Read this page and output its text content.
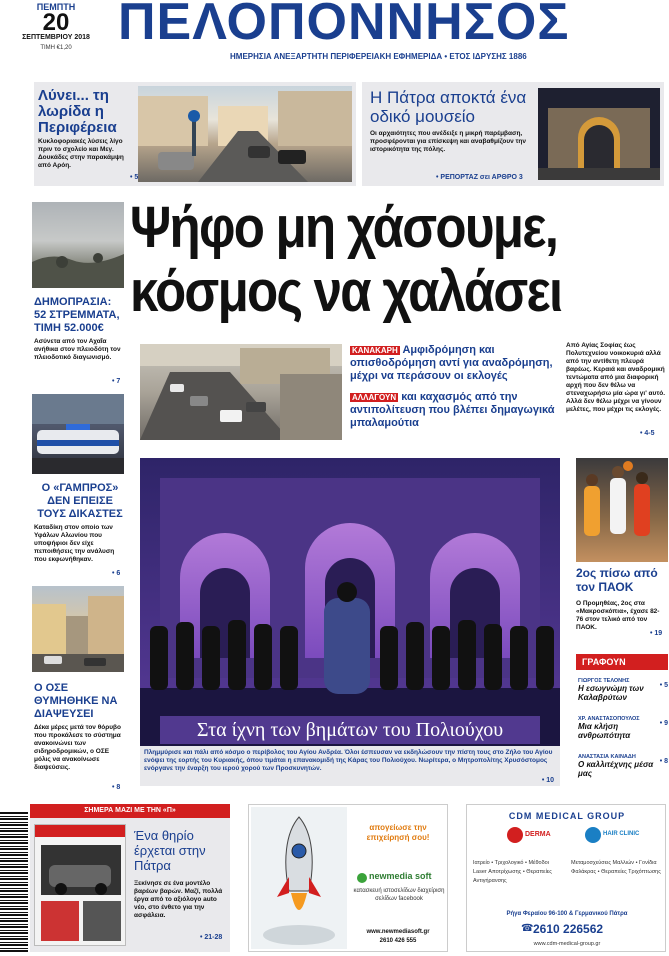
ΠΕΜΠΤΗ
20
ΣΕΠΤΕΜΒΡΙΟΥ 2018
ΤΙΜΗ €1,20 ΠΕΛΟΠΟΝΝΗΣΟΣ
ΗΜΕΡΗΣΙΑ ΑΝΕΞΑΡΤΗΤΗ ΠΕΡΙΦΕΡΕΙΑΚΗ ΕΦΗΜΕΡΙΔΑ • ΕΤΟΣ ΙΔΡΥΣΗΣ 1886
Λύνει... τη λωρίδα η Περιφέρεια
Κυκλοφοριακές λύσεις λίγο πριν το σχολείο και Μεγ. Δουκάδες στην παρακάμψη από Αρόη.
• 5
Η Πάτρα αποκτά ένα οδικό μουσείο
Οι αρχαιότητες που ανέδειξε η μικρή παρέμβαση, προσφέρονται για επίσκεψη και αναβαθμίζουν την ιστορικότητα της πόλης.
• ΡΕΠΟΡΤΑΖ σει ΑΡΘΡΟ 3
Ψήφο μη χάσουμε,
κόσμος να χαλάσει
ΔΗΜΟΠΡΑΣΙΑ: 52 ΣΤΡΕΜΜΑΤΑ, ΤΙΜΗ 52.000€
Ασύνετα από τον Αχαΐα ανήθικα στον πλειοδότη τον πλειοδοτικό διαγωνισμό.
• 7
Ο «ΓΑΜΠΡΟΣ» ΔΕΝ ΕΠΕΙΣΕ ΤΟΥΣ ΔΙΚΑΣΤΕΣ
Καταδίκη στον οποίο των Υφάλων Αλωνίου που υποψήφιοι δεν είχε πεποιθήσεις την ανάλυση που εκφωνήθηκαν.
• 6
Ο ΟΣΕ ΘΥΜΗΘΗΚΕ ΝΑ ΔΙΑΨΕΥΣΕΙ
Δέκα μέρες μετά τον θόρυβο που προκάλεσε το σύστημα ανακοινώνει των σιδηροδρομικών, ο ΟΣΕ μόλις να ανακοίνωσε διαψεύσεις.
• 8
ΚΑΝΑΚΑΡΗ Αμφιδρόμηση και οπισθοδρόμηση αντί για αναδρόμηση, μέχρι να περάσουν οι εκλογές
ΑΛΛΑΓΟΥΝ και καχασμός από την αντιπολίτευση που βλέπει δημαγωγικά μπαλαμούτια
Από Αγίας Σοφίας έως Πολυτεχνείου νοικοκυριά αλλά από την αντίθετη πλευρά βαρέως. Κεραιά και αναδρομική τεντώματα από μια διαφορική αρχή που δεν θέλω να στεναχωρήσω μία ώρα γι' αυτό. Αλλά δεν θέλω μέχρι να γίνουν μελέτες, που μέχρι τις εκλογές.
• 4-5
Στα ίχνη των βημάτων του Πολιούχου
Πλημμύρισε και πάλι από κόσμο ο περίβολος του Αγίου Ανδρέα. Όλοι έσπευσαν να εκδηλώσουν την πίστη τους στο Ζήλο του Αγίου ενόψει της εορτής του Κυριακής, όπου τιμάται η επανακομιδή της Κάρας του Πολιούχου. Νωρίτερα, ο Μητροπολίτης Χρυσόστομος ενόργανε την έναρξη του ιερού χορού των Προσκυνητών.
• 10
2ος πίσω από τον ΠΑΟΚ
Ο Προμηθέας, 2ος στα «Μακροσκόπια», έχασε 82-76 στον τελικό από τον ΠΑΟΚ.
• 19
ΓΡΑΦΟΥΝ
ΓΙΩΡΓΟΣ ΤΕΛΟΝΗΣ
Η εσωγνώμη των Καλαβρύτων
• 5
ΧΡ. ΑΝΑΣΤΑΣΟΠΟΥΛΟΣ
Μια κλήση ανθρωπότητα
• 9
ΑΝΑΣΤΑΣΙΑ ΚΑΙΝΑΔΗ
Ο καλλιτέχνης μέσα μας
• 8
ΣΗΜΕΡΑ ΜΑΖΙ ΜΕ ΤΗΝ «Π»
Ένα θηρίο έρχεται στην Πάτρα
Ξεκίνησε σε ένα μοντέλο βαρέων βαρών. Μαζί, πολλά έργα από το αξιόλογο auto νέο, στο ένθετο για την ασφάλεια.
• 21-28
απογείωσε την
επιχείρησή σου!
newmedia soft
κατασκευή ιστοσελίδων διαχείριση σελίδων facebook
www.newmediasoft.gr
2610 426 555
CDM MEDICAL GROUP
DERMA	HAIR CLINIC
Ιατρείο • Τριχολογικό • Μέθοδοι Laser Αποτρίχωσης • Θεραπείες Αντιγήρανσης
Μεταμοσχεύσεις Μαλλιών • Γονίδια Φαλάκρας • Θεραπείες Τριχόπτωσης
Ρήγα Φεραίου 96-100 & Γερμανικού Πάτρα
☎ 2610 226562
www.cdm-medical-group.gr
